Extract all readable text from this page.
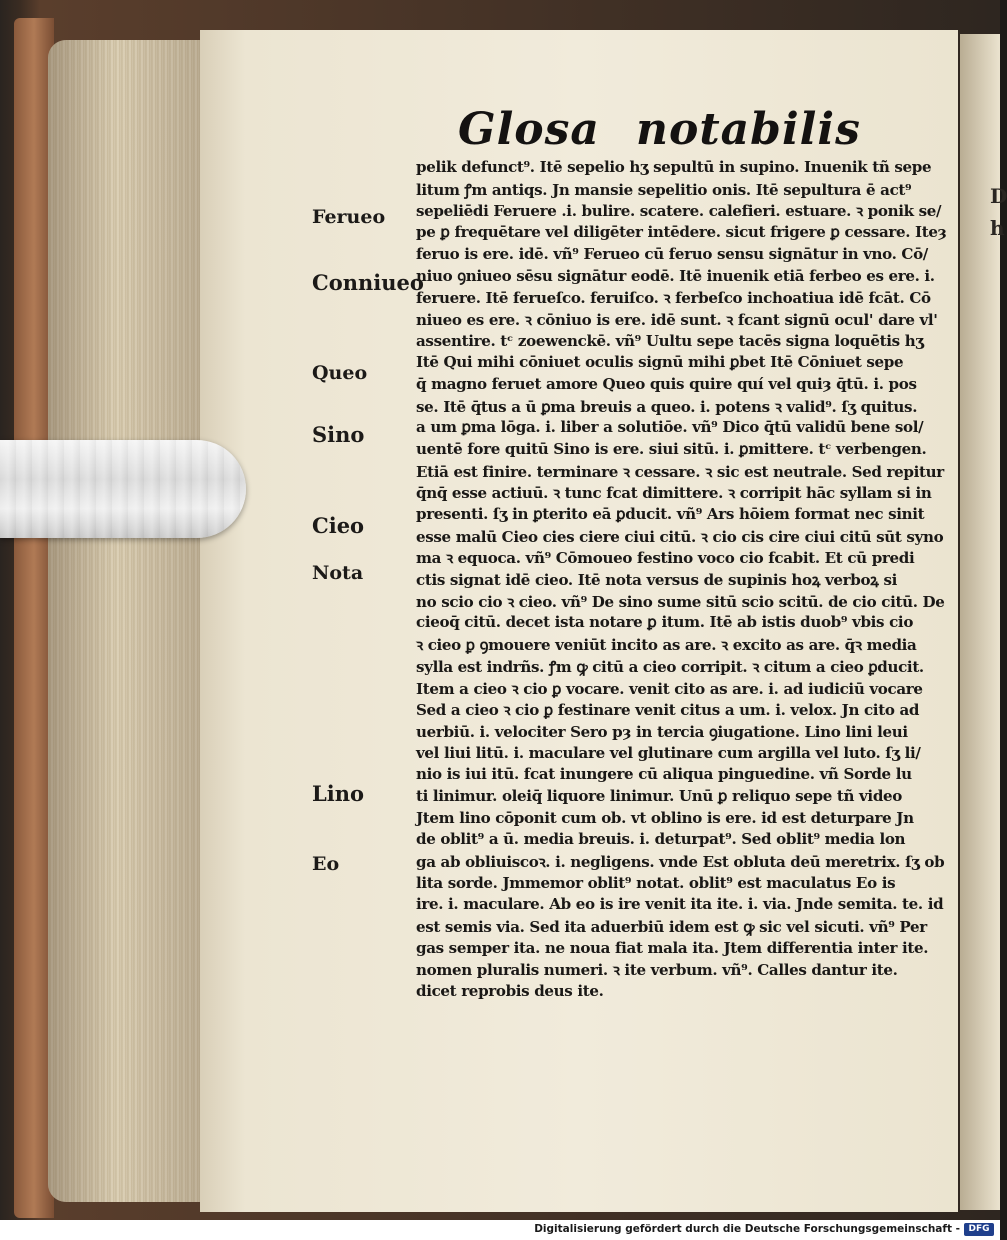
D
h
Glosa notabilis
Ferueo
Conniueo
Queo
Sino
Cieo
Nota
Lino
Eo
pelik defunct⁹. Itē sepelio hʒ sepultū in supino. Inuenik tñ sepe
litum ꝭm antiqs. Jn mansie sepelitio onis. Itē sepultura ē act⁹
sepeliēdi Feruere .i. bulire. scatere. calefieri. estuare. ꝛ ponik se/
pe ꝑ frequētare vel diligēter intēdere. sicut frigere ꝑ cessare. Iteȝ
feruo is ere. idē. vñ⁹ Ferueo cū feruo sensu signātur in vno. Cō/
niuo ꝯniueo sēsu signātur eodē. Itē inuenik etiā ferbeo es ere. i.
feruere. Itē ferueſco. feruiſco. ꝛ ferbeſco inchoatiua idē fcāt. Cō
niueo es ere. ꝛ cōniuo is ere. idē sunt. ꝛ fcant signū ocul' dare vl'
assentire. tᶜ zoewenckē. vñ⁹ Uultu sepe tacēs signa loquētis hʒ
Itē Qui mihi cōniuet oculis signū mihi ꝑbet Itē Cōniuet sepe
q̄ magno feruet amore Queo quis quire quí vel quiȝ q̄tū. i. pos
se. Itē q̄tus a ū ꝑma breuis a queo. i. potens ꝛ valid⁹. ſʒ quitus.
a um ꝑma lōga. i. liber a solutiōe. vñ⁹ Dico q̄tū validū bene sol/
uentē fore quitū Sino is ere. siui sitū. i. ꝑmittere. tᶜ verbengen.
Etiā est finire. terminare ꝛ cessare. ꝛ sic est neutrale. Sed repitur
q̄nq̄ esse actiuū. ꝛ tunc fcat dimittere. ꝛ corripit hāc syllam si in
presenti. ſʒ in ꝑterito eā ꝑducit. vñ⁹ Ars hōiem format nec sinit
esse malū Cieo cies ciere ciui citū. ꝛ cio cis cire ciui citū sūt syno
ma ꝛ equoca. vñ⁹ Cōmoueo festino voco cio fcabit. Et cū predi
ctis signat idē cieo. Itē nota versus de supinis hoꝝ verboꝝ si
no scio cio ꝛ cieo. vñ⁹ De sino sume sitū scio scitū. de cio citū. De
cieoq̄ citū. decet ista notare ꝑ itum. Itē ab istis duob⁹ vbis cio
ꝛ cieo ꝑ ꝯmouere veniūt incito as are. ꝛ excito as are. q̄ꝛ media
sylla est indrñs. ꝭm ꝙ citū a cieo corripit. ꝛ citum a cieo ꝑducit.
Item a cieo ꝛ cio ꝑ vocare. venit cito as are. i. ad iudiciū vocare
Sed a cieo ꝛ cio ꝑ festinare venit citus a um. i. velox. Jn cito ad
uerbiū. i. velociter Sero pȝ in tercia ꝯiugatione. Lino lini leui
vel liui litū. i. maculare vel glutinare cum argilla vel luto. ſʒ li/
nio is iui itū. fcat inungere cū aliqua pinguedine. vñ Sorde lu
ti linimur. oleiq̄ liquore linimur. Unū ꝑ reliquo sepe tñ video
Jtem lino cōponit cum ob. vt oblino is ere. id est deturpare Jn
de oblit⁹ a ū. media breuis. i. deturpat⁹. Sed oblit⁹ media lon
ga ab obliuiscoꝛ. i. negligens. vnde Est obluta deū meretrix. ſʒ ob
lita sorde. Jmmemor oblit⁹ notat. oblit⁹ est maculatus Eo is
ire. i. maculare. Ab eo is ire venit ita ite. i. via. Jnde semita. te. id
est semis via. Sed ita aduerbiū idem est ꝙ sic vel sicuti. vñ⁹ Per
gas semper ita. ne noua fiat mala ita. Jtem differentia inter ite.
nomen pluralis numeri. ꝛ ite verbum. vñ⁹. Calles dantur ite.
dicet reprobis deus ite.
Digitalisierung gefördert durch die Deutsche Forschungsgemeinschaft - DFG
